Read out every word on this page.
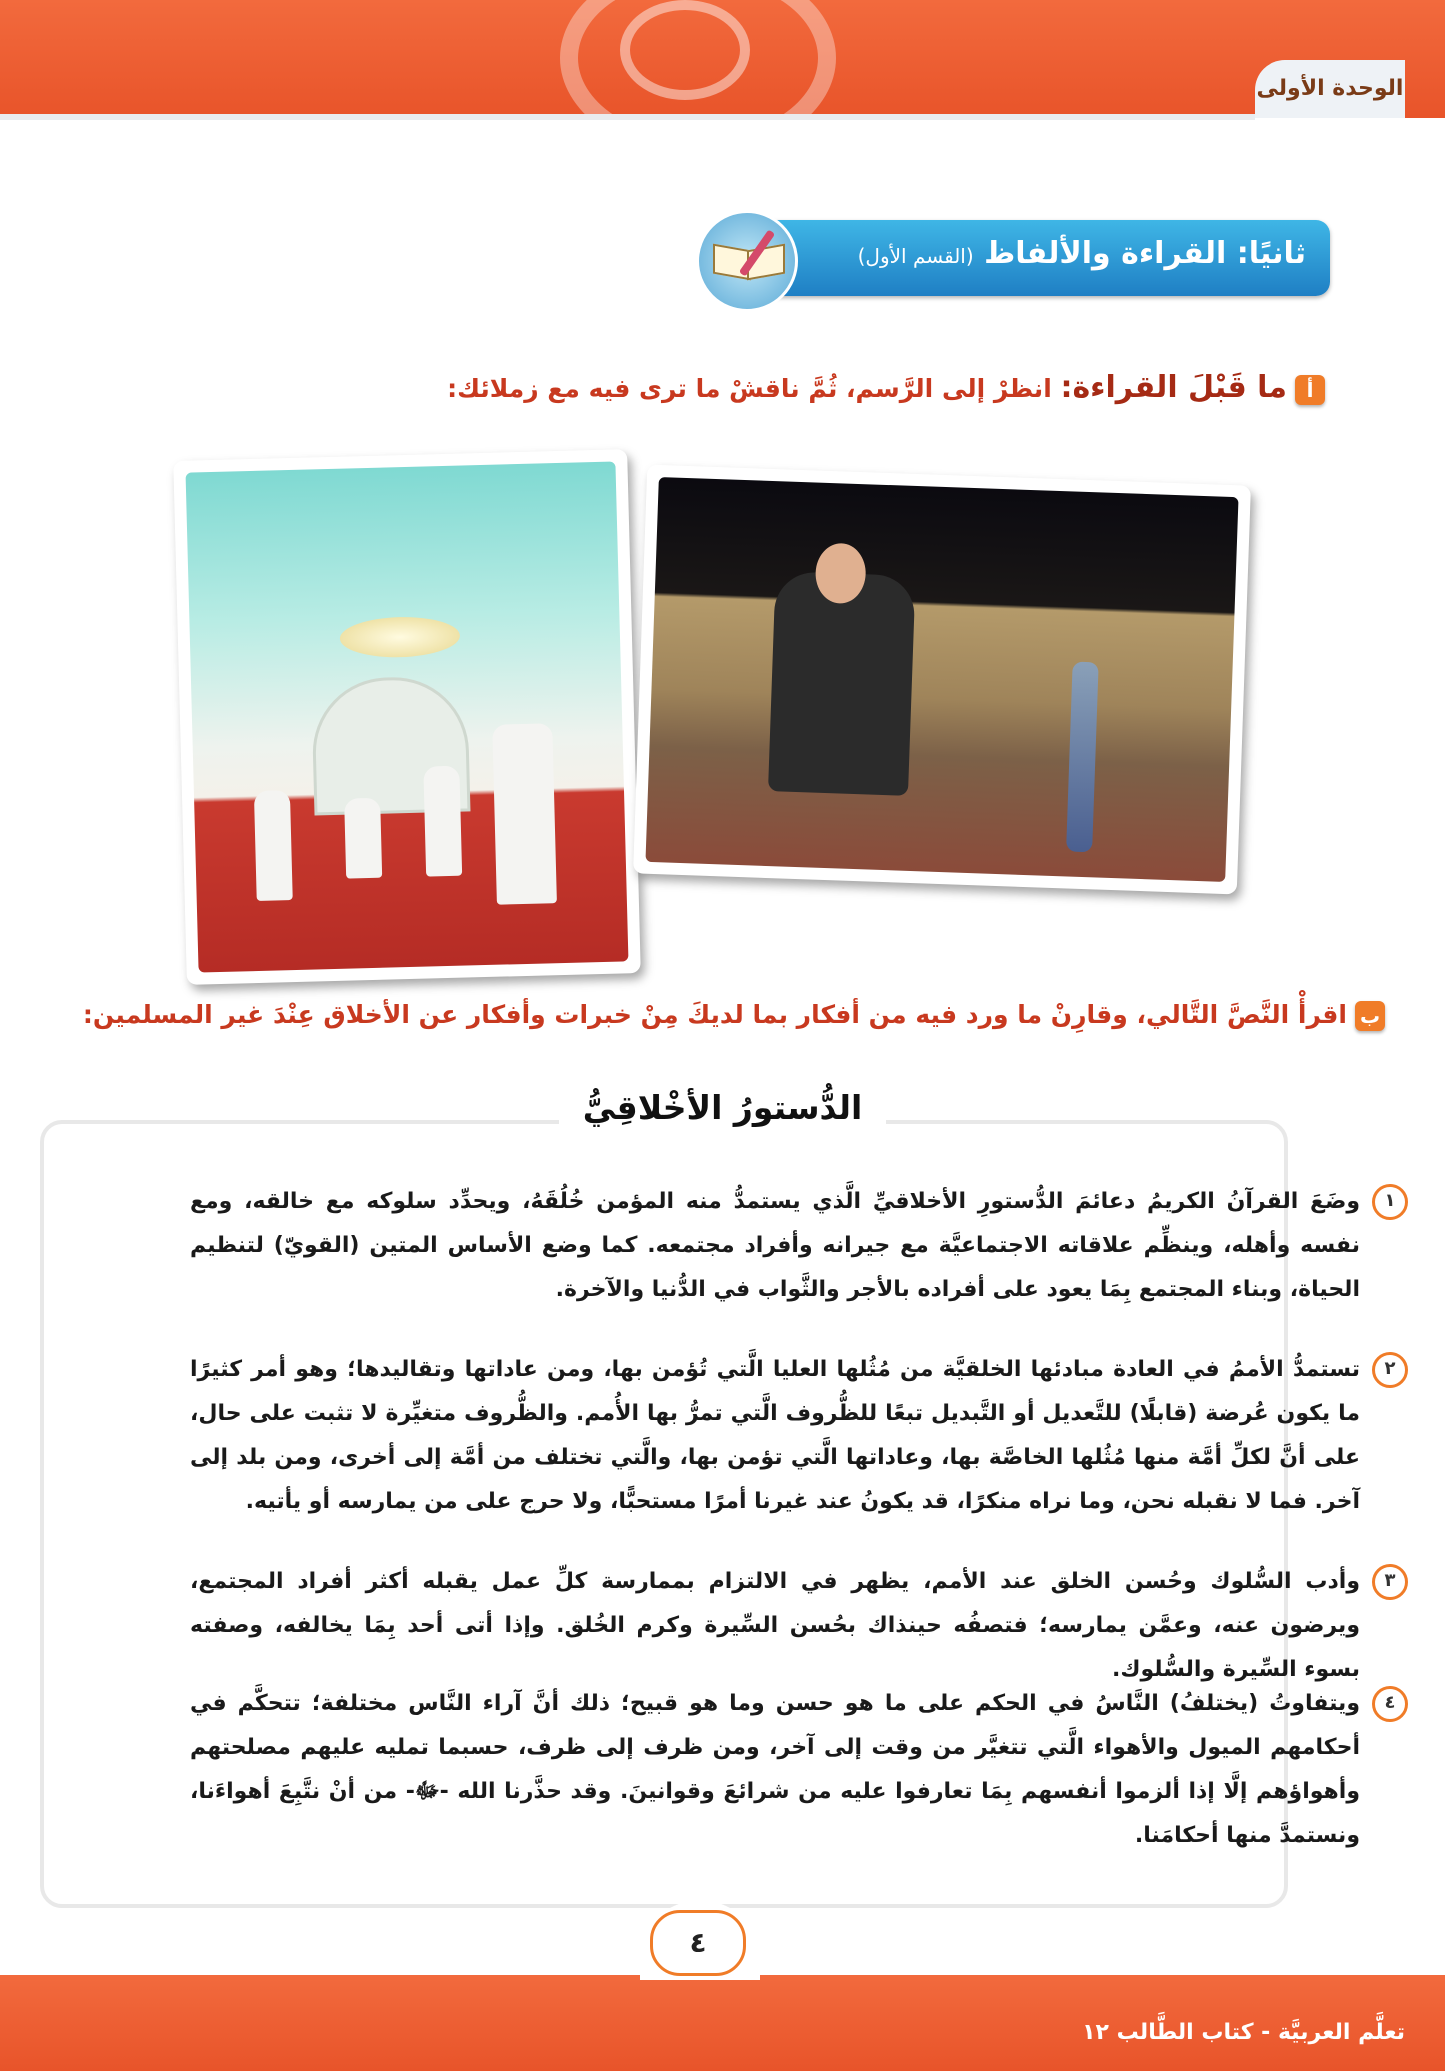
الوحدة الأولى
ثانيًا: القراءة والألفاظ (القسم الأول)
أما قَبْلَ القراءة: انظرْ إلى الرَّسم، ثُمَّ ناقشْ ما ترى فيه مع زملائك:
باقرأْ النَّصَّ التَّالي، وقارِنْ ما ورد فيه من أفكار بما لديكَ مِنْ خبرات وأفكار عن الأخلاق عِنْدَ غير المسلمين:
الدُّستورُ الأخْلاقِيُّ
١
وضَعَ القرآنُ الكريمُ دعائمَ الدُّستورِ الأخلاقيِّ الَّذي يستمدُّ منه المؤمن خُلُقَهُ، ويحدِّد سلوكه مع خالقه، ومع نفسه وأهله، وينظِّم علاقاته الاجتماعيَّة مع جيرانه وأفراد مجتمعه. كما وضع الأساس المتين (القويّ) لتنظيم الحياة، وبناء المجتمع بِمَا يعود على أفراده بالأجر والثَّواب في الدُّنيا والآخرة.
٢
تستمدُّ الأممُ في العادة مبادئها الخلقيَّة من مُثُلها العليا الَّتي تُؤمن بها، ومن عاداتها وتقاليدها؛ وهو أمر كثيرًا ما يكون عُرضة (قابلًا) للتَّعديل أو التَّبديل تبعًا للظُّروف الَّتي تمرُّ بها الأُمم. والظُّروف متغيِّرة لا تثبت على حال، على أنَّ لكلِّ أمَّة منها مُثُلها الخاصَّة بها، وعاداتها الَّتي تؤمن بها، والَّتي تختلف من أمَّة إلى أخرى، ومن بلد إلى آخر. فما لا نقبله نحن، وما نراه منكرًا، قد يكونُ عند غيرنا أمرًا مستحبًّا، ولا حرج على من يمارسه أو يأتيه.
٣
وأدب السُّلوك وحُسن الخلق عند الأمم، يظهر في الالتزام بممارسة كلِّ عمل يقبله أكثر أفراد المجتمع، ويرضون عنه، وعمَّن يمارسه؛ فتصفُه حينذاك بحُسن السِّيرة وكرم الخُلق. وإذا أتى أحد بِمَا يخالفه، وصفته بسوء السِّيرة والسُّلوك.
٤
ويتفاوتُ (يختلفُ) النَّاسُ في الحكم على ما هو حسن وما هو قبيح؛ ذلك أنَّ آراء النَّاس مختلفة؛ تتحكَّم في أحكامهم الميول والأهواء الَّتي تتغيَّر من وقت إلى آخر، ومن ظرف إلى ظرف، حسبما تمليه عليهم مصلحتهم وأهواؤهم إلَّا إذا ألزموا أنفسهم بِمَا تعارفوا عليه من شرائعَ وقوانينَ. وقد حذَّرنا الله -ﷻ- من أنْ نتَّبِعَ أهواءَنا، ونستمدَّ منها أحكامَنا.
٤
تعلَّم العربيَّة - كتاب الطَّالب ١٢
